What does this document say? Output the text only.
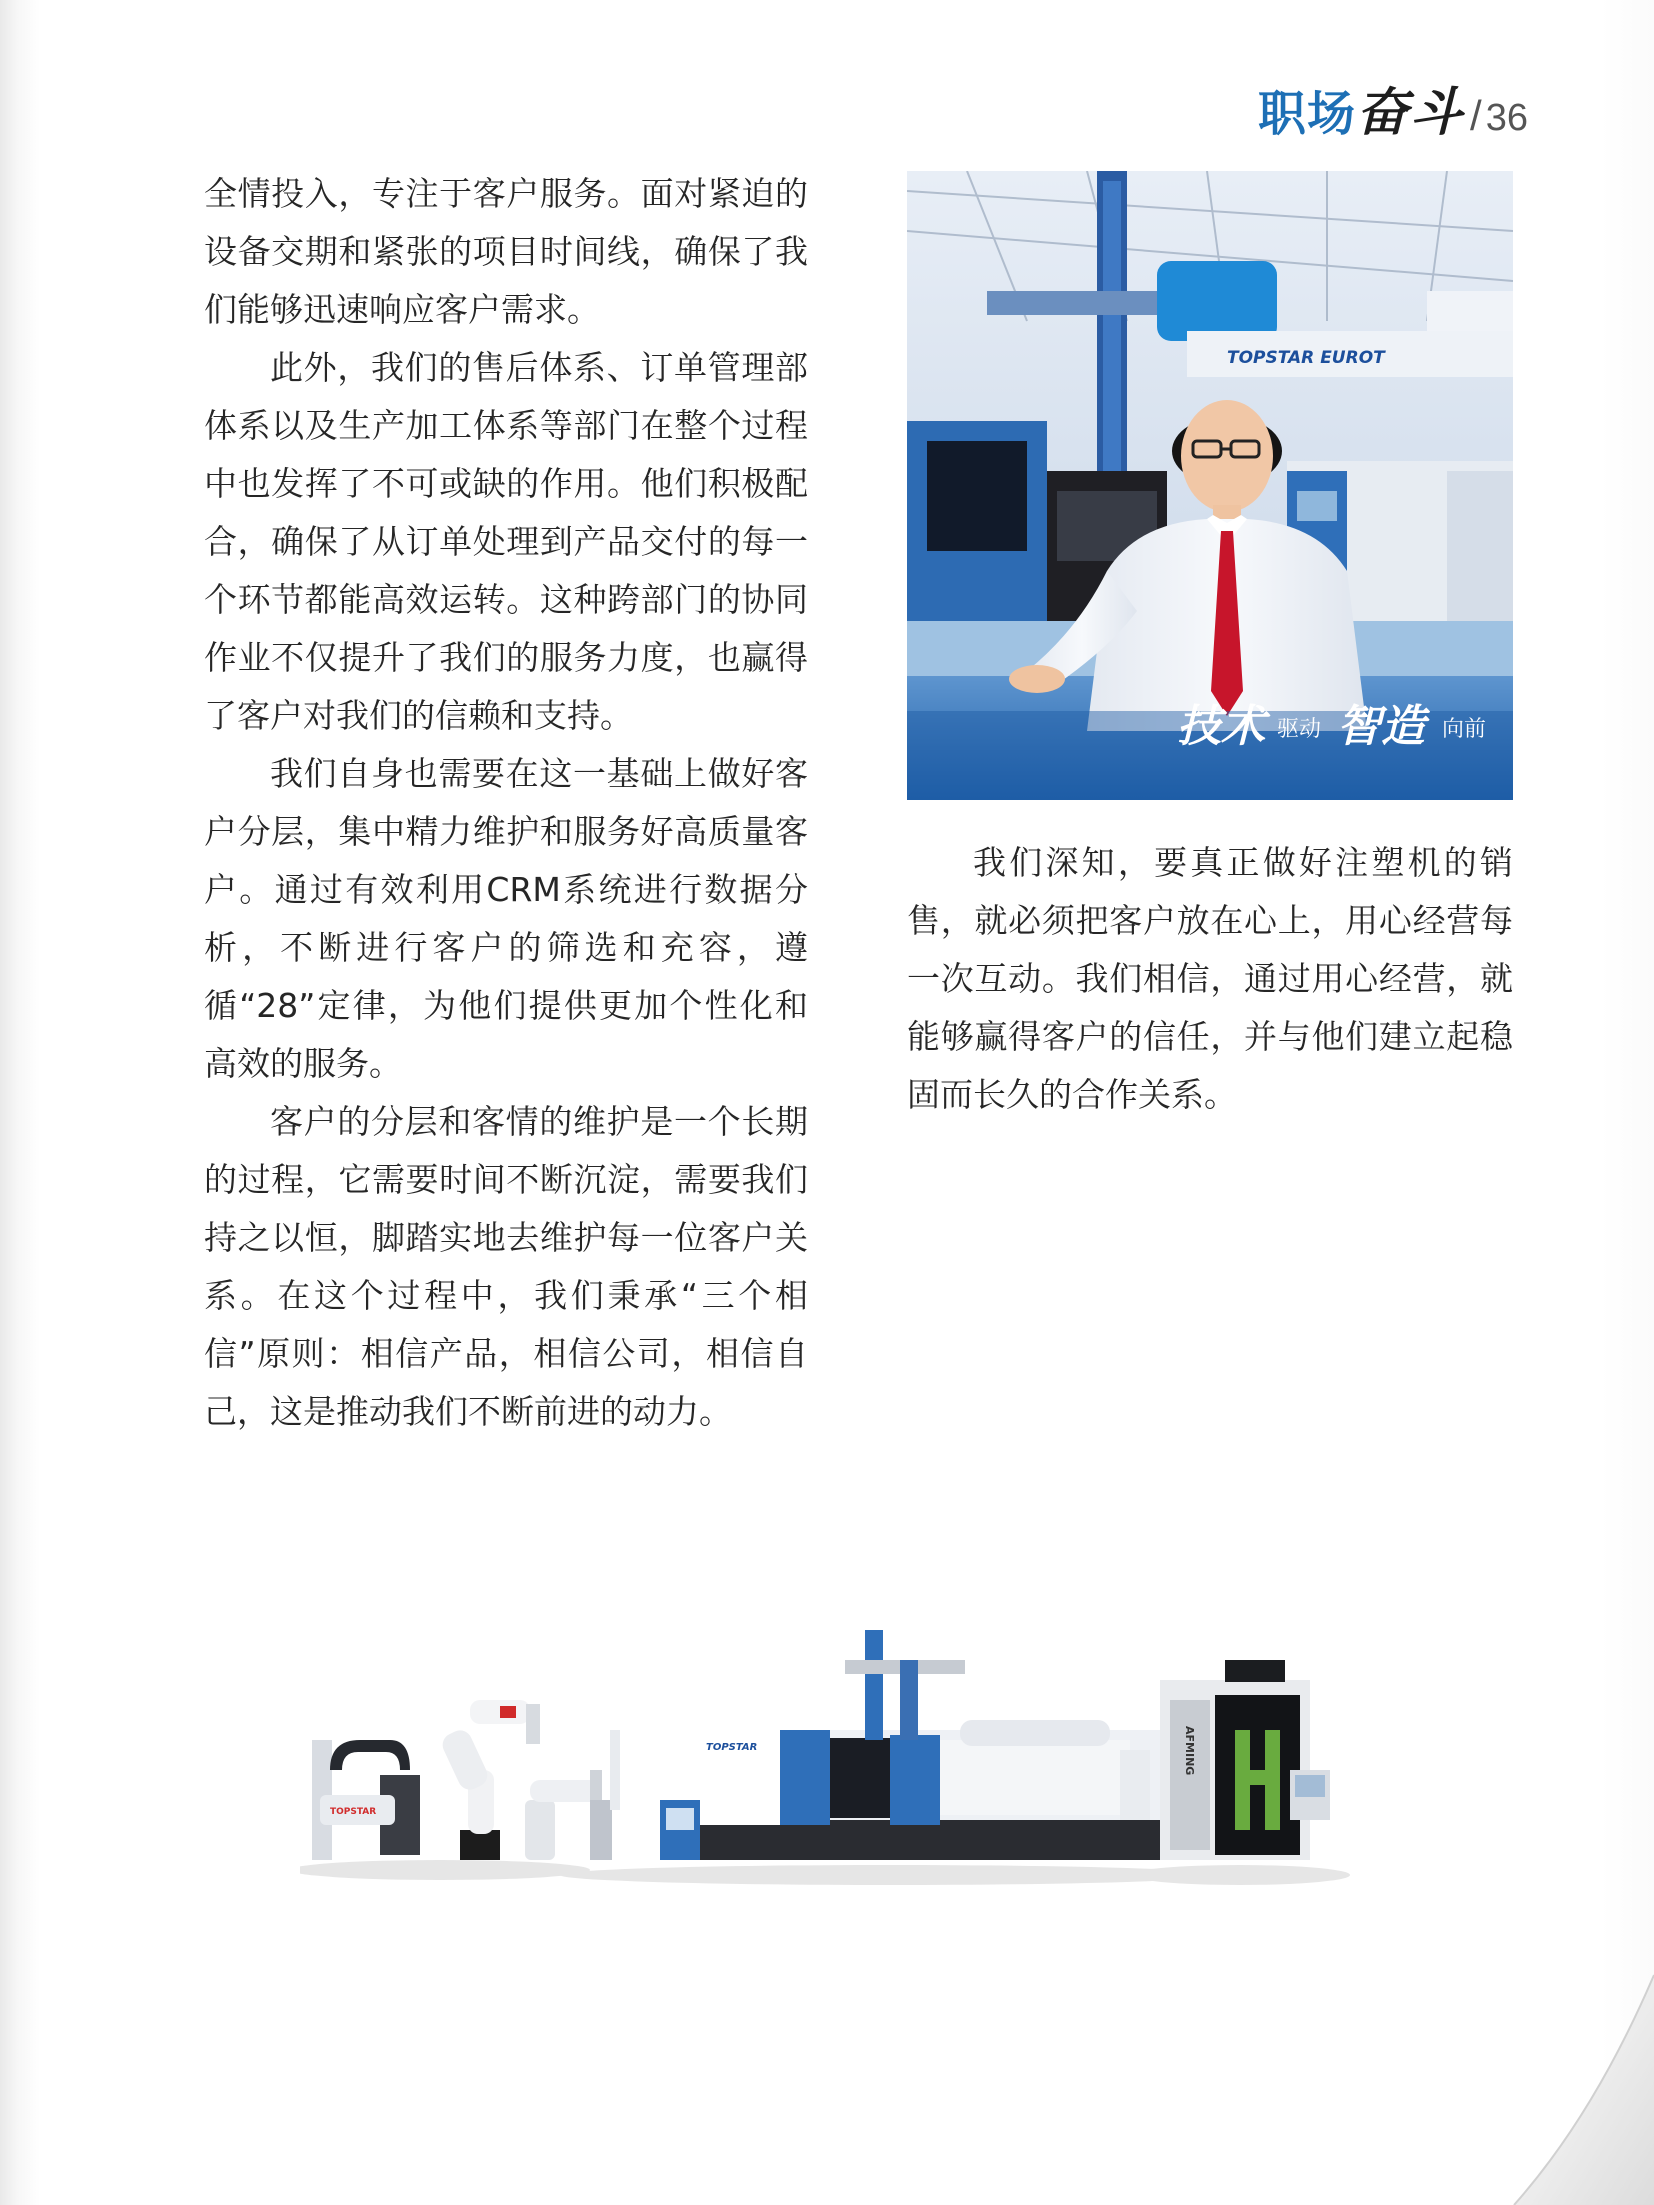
职场 奋斗 / 36

全情投入，专注于客户服务。面对紧迫的设备交期和紧张的项目时间线，确保了我们能够迅速响应客户需求。

此外，我们的售后体系、订单管理部体系以及生产加工体系等部门在整个过程中也发挥了不可或缺的作用。他们积极配合，确保了从订单处理到产品交付的每一个环节都能高效运转。这种跨部门的协同作业不仅提升了我们的服务力度，也赢得了客户对我们的信赖和支持。

我们自身也需要在这一基础上做好客户分层，集中精力维护和服务好高质量客户。通过有效利用CRM系统进行数据分析，不断进行客户的筛选和充容，遵循“28”定律，为他们提供更加个性化和高效的服务。

客户的分层和客情的维护是一个长期的过程，它需要时间不断沉淀，需要我们持之以恒，脚踏实地去维护每一位客户关系。在这个过程中，我们秉承“三个相信”原则：相信产品，相信公司，相信自己，这是推动我们不断前进的动力。

TOPSTAR EUROT
技术 驱动 智造 向前

我们深知，要真正做好注塑机的销售，就必须把客户放在心上，用心经营每一次互动。我们相信，通过用心经营，就能够赢得客户的信任，并与他们建立起稳固而长久的合作关系。

TOPSTAR
TOPSTAR	AFMING
